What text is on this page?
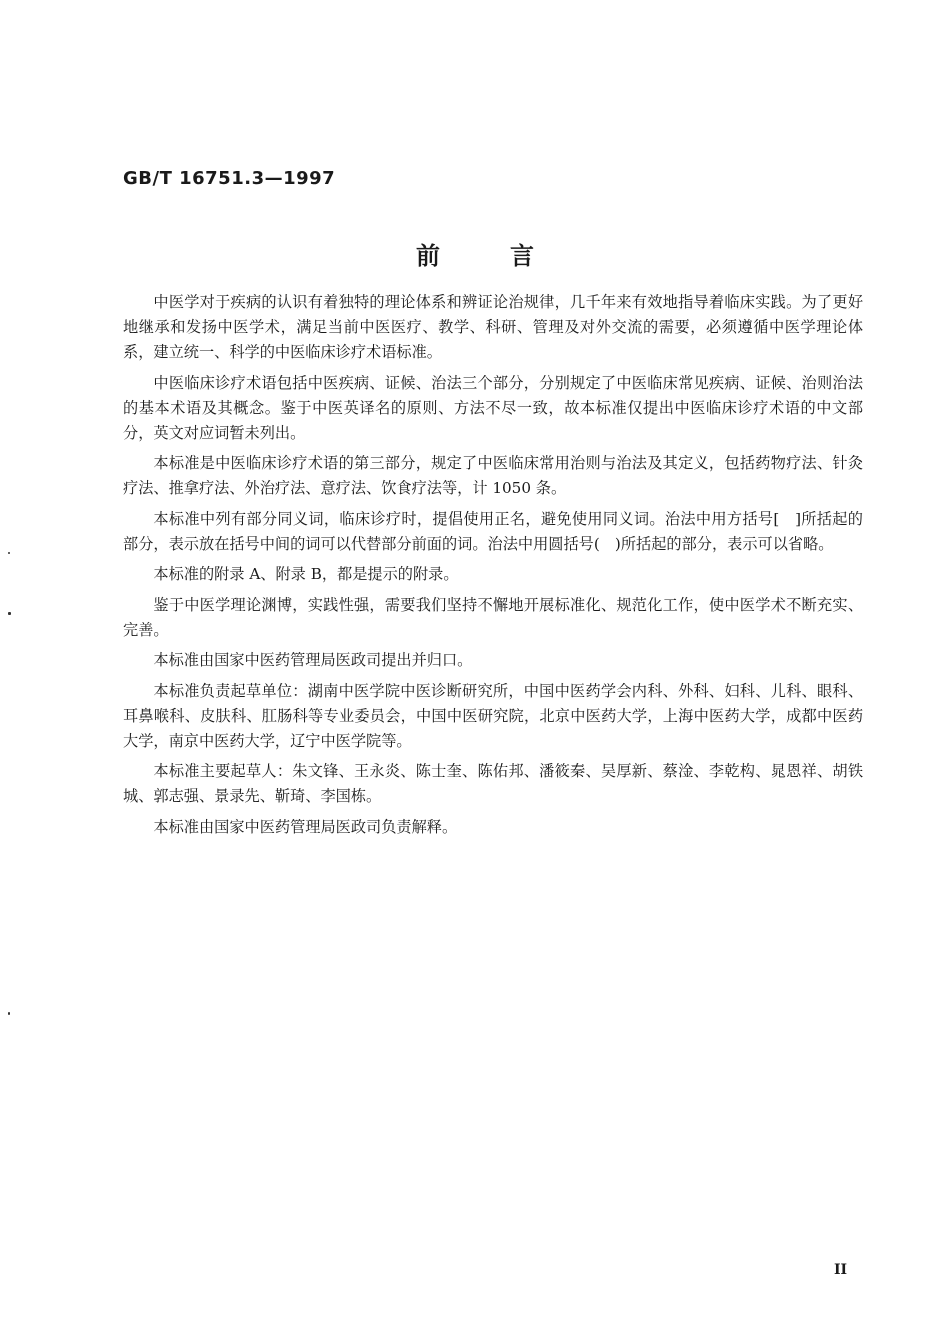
GB/T 16751.3—1997
前言

中医学对于疾病的认识有着独特的理论体系和辨证论治规律，几千年来有效地指导着临床实践。为了更好地继承和发扬中医学术，满足当前中医医疗、教学、科研、管理及对外交流的需要，必须遵循中医学理论体系，建立统一、科学的中医临床诊疗术语标准。

中医临床诊疗术语包括中医疾病、证候、治法三个部分，分别规定了中医临床常见疾病、证候、治则治法的基本术语及其概念。鉴于中医英译名的原则、方法不尽一致，故本标准仅提出中医临床诊疗术语的中文部分，英文对应词暂未列出。

本标准是中医临床诊疗术语的第三部分，规定了中医临床常用治则与治法及其定义，包括药物疗法、针灸疗法、推拿疗法、外治疗法、意疗法、饮食疗法等，计 1050 条。

本标准中列有部分同义词，临床诊疗时，提倡使用正名，避免使用同义词。治法中用方括号[　]所括起的部分，表示放在括号中间的词可以代替部分前面的词。治法中用圆括号(　)所括起的部分，表示可以省略。

本标准的附录 A、附录 B，都是提示的附录。

鉴于中医学理论渊博，实践性强，需要我们坚持不懈地开展标准化、规范化工作，使中医学术不断充实、完善。

本标准由国家中医药管理局医政司提出并归口。

本标准负责起草单位：湖南中医学院中医诊断研究所，中国中医药学会内科、外科、妇科、儿科、眼科、耳鼻喉科、皮肤科、肛肠科等专业委员会，中国中医研究院，北京中医药大学，上海中医药大学，成都中医药大学，南京中医药大学，辽宁中医学院等。

本标准主要起草人：朱文锋、王永炎、陈士奎、陈佑邦、潘筱秦、吴厚新、蔡淦、李乾构、晁恩祥、胡铁城、郭志强、景录先、靳琦、李国栋。

本标准由国家中医药管理局医政司负责解释。

II
